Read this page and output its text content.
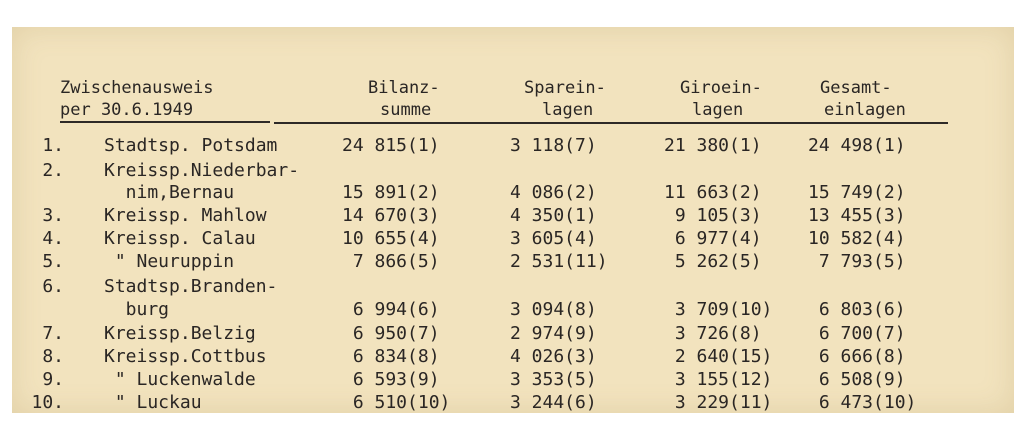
Zwischenausweis
per 30.6.1949
Bilanz-
summe
Sparein-
lagen
Giroein-
lagen
Gesamt-
einlagen
1. Stadtsp. Potsdam	24 815(1)	3 118(7)	21 380(1)	24 498(1)
2. Kreissp.Niederbar-
nim,Bernau	15 891(2)	4 086(2)	11 663(2)	15 749(2)
3. Kreissp. Mahlow	14 670(3)	4 350(1)	9 105(3)	13 455(3)
4. Kreissp. Calau	10 655(4)	3 605(4)	6 977(4)	10 582(4)
5. " Neuruppin	7 866(5)	2 531(11)	5 262(5)	7 793(5)
6. Stadtsp.Branden-
burg	6 994(6)	3 094(8)	3 709(10) 6 803(6)
7. Kreissp.Belzig	6 950(7)	2 974(9)	3 726(8)	6 700(7)
8. Kreissp.Cottbus	6 834(8)	4 026(3)	2 640(15) 6 666(8)
9. " Luckenwalde	6 593(9)	3 353(5)	3 155(12) 6 508(9)
10. " Luckau	6 510(10)	3 244(6)	3 229(11) 6 473(10)
